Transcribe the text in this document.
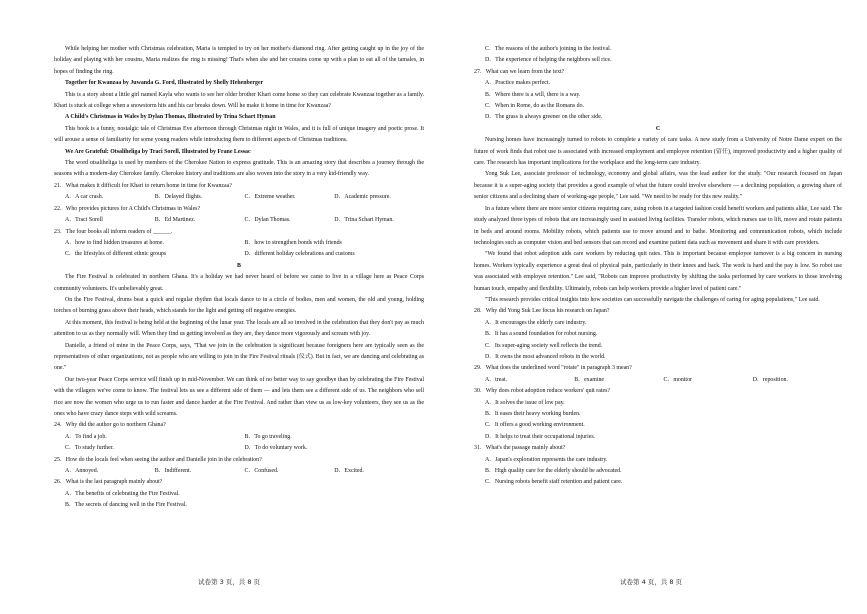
While helping her mother with Christmas celebration, Maria is tempted to try on her mother's diamond ring. After getting caught up in the joy of the holiday and playing with her cousins, Maria realizes the ring is missing! That's when she and her cousins come up with a plan to eat all of the tamales, in hopes of finding the ring.

Together for Kwanzaa by Juwanda G. Ford, Illustrated by Shelly Hehenberger

This is a story about a little girl named Kayla who wants to see her older brother Khari come home so they can celebrate Kwanzaa together as a family. Khari is stuck at college when a snowstorm hits and his car breaks down. Will he make it home in time for Kwanzaa?

A Child's Christmas in Wales by Dylan Thomas, Illustrated by Trina Schart Hyman

This book is a funny, nostalgic tale of Christmas Eve afternoon through Christmas night in Wales, and it is full of unique imagery and poetic prose. It will arouse a sense of familiarity for some young readers while introducing them to different aspects of Christmas traditions.

We Are Grateful: Otsaliheliga by Traci Sorell, Illustrated by Frane Lessac

The word otsaliheliga is used by members of the Cherokee Nation to express gratitude. This is an amazing story that describes a journey through the seasons with a modern-day Cherokee family. Cherokee history and traditions are also woven into the story in a very kid-friendly way.

21．What makes it difficult for Khari to return home in time for Kwanzaa?

A．A car crash.	B．Delayed flights.	C．Extreme weather.	D．Academic pressure.

22．Who provides pictures for A Child's Christmas in Wales?

A．Traci Sorell	B．Ed Martinez.	C．Dylan Thomas.	D．Trina Schart Hyman.

23．The four books all inform readers of ______.

A．how to find hidden treasures at home.	B．how to strengthen bonds with friends
C．the lifestyles of different ethnic groups	D．different holiday celebrations and customs

B

The Fire Festival is celebrated in northern Ghana. It's a holiday we had never heard of before we came to live in a village here as Peace Corps community volunteers. It's unbelievably great.

On the Fire Festival, drums beat a quick and regular rhythm that locals dance to in a circle of bodies, men and women, the old and young, holding torches of burning grass above their heads, which stands for the light and getting off negative energies.

At this moment, this festival is being held at the beginning of the lunar year. The locals are all so involved in the celebration that they don't pay as much attention to us as they normally will. When they find us getting involved as they are, they dance more vigorously and scream with joy.

Danielle, a friend of mine in the Peace Corps, says, "That we join in the celebration is significant because foreigners here are typically seen as the representatives of other organizations, not as people who are willing to join in the Fire Festival rituals (仪式). But in fact, we are dancing and celebrating as one."

Our two-year Peace Corps service will finish up in mid-November. We can think of no better way to say goodbye than by celebrating the Fire Festival with the villagers we've come to know. The festival lets us see a different side of them — and lets them see a different side of us. The neighbors who sell rice are now the women who urge us to run faster and dance harder at the Fire Festival. And rather than view us as low-key volunteers, they see us as the ones who have crazy dance steps with wild screams.

24．Why did the author go to northern Ghana?

A．To find a job.	B．To go traveling.
C．To study further.	D．To do voluntary work.

25．How do the locals feel when seeing the author and Danielle join in the celebration?

A．Annoyed.	B．Indifferent.	C．Confused.	D．Excited.

26．What is the last paragraph mainly about?

A．The benefits of celebrating the Fire Festival.

B．The secrets of dancing well in the Fire Festival.

试卷第 3 页，共 8 页

C．The reasons of the author's joining in the festival.

D．The experience of helping the neighbors sell rice.

27．What can we learn from the text?

A．Practice makes perfect.

B．Where there is a will, there is a way.

C．When in Rome, do as the Romans do.

D．The grass is always greener on the other side.

C

Nursing homes have increasingly turned to robots to complete a variety of care tasks. A new study from a University of Notre Dame expert on the future of work finds that robot use is associated with increased employment and employee retention (留任), improved productivity and a higher quality of care. The research has important implications for the workplace and the long-term care industry.

Yong Suk Lee, associate professor of technology, economy and global affairs, was the lead author for the study. "Our research focused on Japan because it is a super-aging society that provides a good example of what the future could involve elsewhere — a declining population, a growing share of senior citizens and a declining share of working-age people," Lee said. "We need to be ready for this new reality."

In a future where there are more senior citizens requiring care, using robots in a targeted fashion could benefit workers and patients alike, Lee said. The study analyzed three types of robots that are increasingly used in assisted living facilities. Transfer robots, which nurses use to lift, move and rotate patients in beds and around rooms. Mobility robots, which patients use to move around and to bathe. Monitoring and communication robots, which include technologies such as computer vision and bed sensors that can record and examine patient data such as movement and share it with care providers.

"We found that robot adoption aids care workers by reducing quit rates. This is important because employee turnover is a big concern in nursing homes. Workers typically experience a great deal of physical pain, particularly in their knees and back. The work is hard and the pay is low. So robot use was associated with employee retention." Lee said, "Robots can improve productivity by shifting the tasks performed by care workers to those involving human touch, empathy and flexibility. Ultimately, robots can help workers provide a higher level of patient care."

"This research provides critical insights into how societies can successfully navigate the challenges of caring for aging populations," Lee said.

28．Why did Yong Suk Lee focus his research on Japan?

A．It encourages the elderly care industry.

B．It has a sound foundation for robot nursing.

C．Its super-aging society well reflects the trend.

D．It owns the most advanced robots in the world.

29．What does the underlined word "rotate" in paragraph 3 mean?

A．treat.	B．examine	C．monitor	D．reposition.

30．Why does robot adoption reduce workers' quit rates?

A．It solves the issue of low pay.

B．It eases their heavy working burden.

C．It offers a good working environment.

D．It helps to treat their occupational injuries.

31．What's the passage mainly about?

A．Japan's exploration represents the care industry.

B．High quality care for the elderly should be advocated.

C．Nursing robots benefit staff retention and patient care.

试卷第 4 页，共 8 页
